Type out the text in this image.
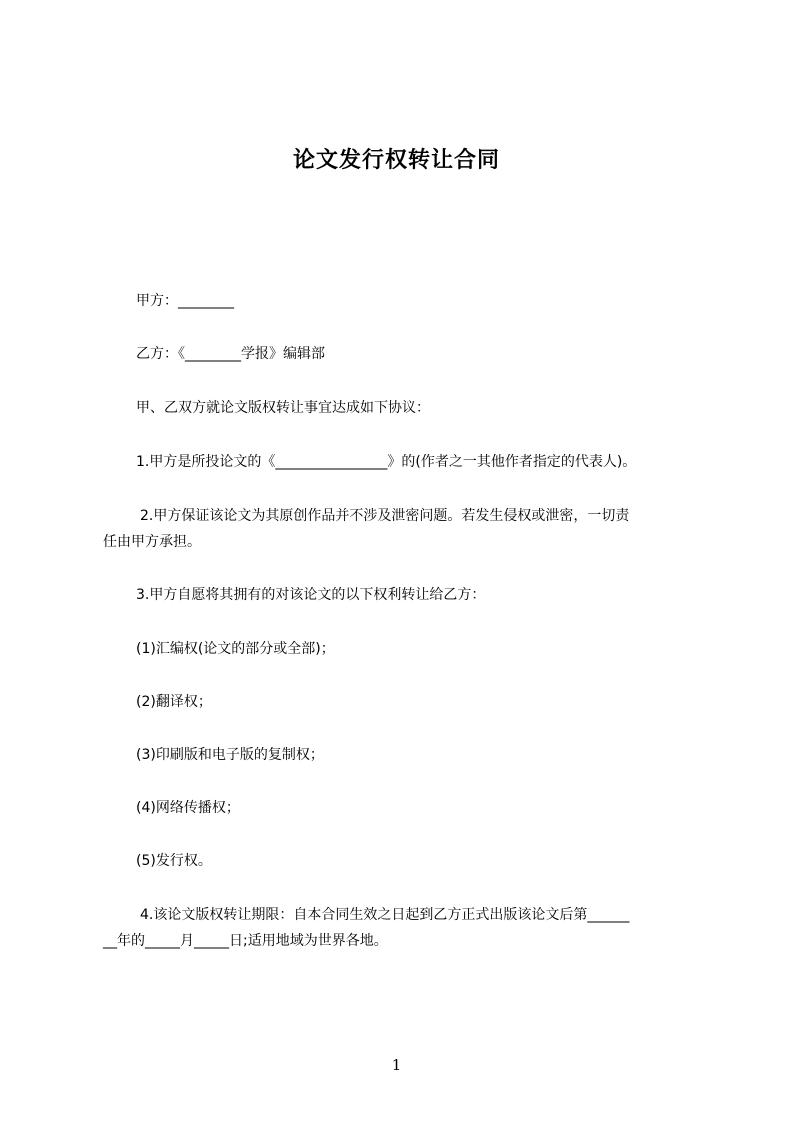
论文发行权转让合同
甲方：________
乙方：《________学报》编辑部
甲、乙双方就论文版权转让事宜达成如下协议：
1.甲方是所投论文的《________________》的(作者之一其他作者指定的代表人)。
2.甲方保证该论文为其原创作品并不涉及泄密问题。若发生侵权或泄密，一切责
任由甲方承担。
3.甲方自愿将其拥有的对该论文的以下权利转让给乙方：
(1)汇编权(论文的部分或全部)；
(2)翻译权；
(3)印刷版和电子版的复制权；
(4)网络传播权；
(5)发行权。
4.该论文版权转让期限：自本合同生效之日起到乙方正式出版该论文后第______
__年的_____月_____日;适用地域为世界各地。
1
